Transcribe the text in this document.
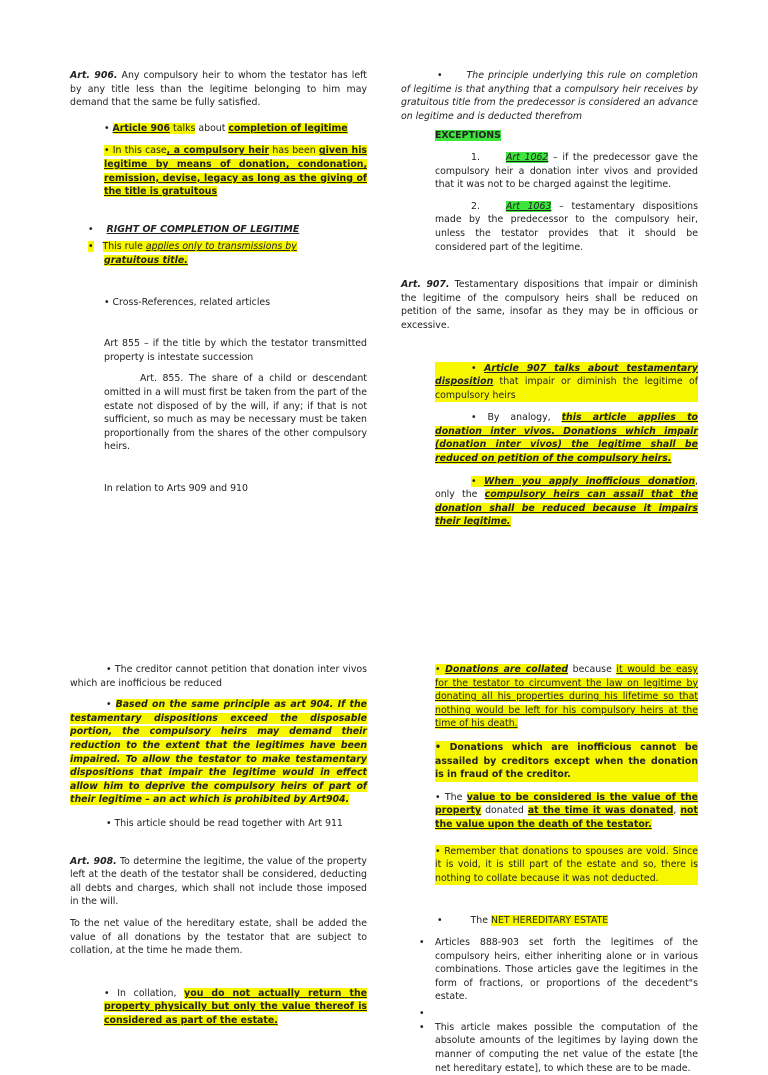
Art. 906. Any compulsory heir to whom the testator has left by any title less than the legitime belonging to him may demand that the same be fully satisfied.

• Article 906 talks about completion of legitime

• In this case, a compulsory heir has been given his legitime by means of donation, condonation, remission, devise, legacy as long as the giving of the title is gratuitous

• RIGHT OF COMPLETION OF LEGITIME

• This rule applies only to transmissions by
gratuitous title.

• Cross-References, related articles

Art 855 – if the title by which the testator transmitted property is intestate succession

Art. 855. The share of a child or descendant omitted in a will must first be taken from the part of the estate not disposed of by the will, if any; if that is not sufficient, so much as may be necessary must be taken proportionally from the shares of the other compulsory heirs.

In relation to Arts 909 and 910

•	The principle underlying this rule on completion of legitime is that anything that a compulsory heir receives by gratuitous title from the predecessor is considered an advance on legitime and is deducted therefrom

EXCEPTIONS

1.	Art 1062 – if the predecessor gave the compulsory heir a donation inter vivos and provided that it was not to be charged against the legitime.

2.	Art 1063 – testamentary dispositions made by the predecessor to the compulsory heir, unless the testator provides that it should be considered part of the legitime.

Art. 907. Testamentary dispositions that impair or diminish the legitime of the compulsory heirs shall be reduced on petition of the same, insofar as they may be in officious or excessive.

• Article 907 talks about testamentary disposition that impair or diminish the legitime of compulsory heirs

• By analogy, this article applies to donation inter vivos. Donations which impair (donation inter vivos) the legitime shall be reduced on petition of the compulsory heirs.

• When you apply inofficious donation, only the compulsory heirs can assail that the donation shall be reduced because it impairs their legitime.

• The creditor cannot petition that donation inter vivos which are inofficious be reduced

• Based on the same principle as art 904. If the testamentary dispositions exceed the disposable portion, the compulsory heirs may demand their reduction to the extent that the legitimes have been impaired. To allow the testator to make testamentary dispositions that impair the legitime would in effect allow him to deprive the compulsory heirs of part of their legitime – an act which is prohibited by Art904.

• This article should be read together with Art 911

Art. 908. To determine the legitime, the value of the property left at the death of the testator shall be considered, deducting all debts and charges, which shall not include those imposed in the will.

To the net value of the hereditary estate, shall be added the value of all donations by the testator that are subject to collation, at the time he made them.

• In collation, you do not actually return the property physically but only the value thereof is considered as part of the estate.

• Donations are collated because it would be easy for the testator to circumvent the law on legitime by donating all his properties during his lifetime so that nothing would be left for his compulsory heirs at the time of his death.

• Donations which are inofficious cannot be assailed by creditors except when the donation is in fraud of the creditor.

• The value to be considered is the value of the property donated at the time it was donated, not the value upon the death of the testator.

• Remember that donations to spouses are void. Since it is void, it is still part of the estate and so, there is nothing to collate because it was not deducted.

•	The NET HEREDITARY ESTATE

• Articles 888-903 set forth the legitimes of the compulsory heirs, either inheriting alone or in various combinations. Those articles gave the legitimes in the form of fractions, or proportions of the decedent"s estate.

•
• This article makes possible the computation of the absolute amounts of the legitimes by laying down the manner of computing the net value of the estate [the net hereditary estate], to which these are to be made.
